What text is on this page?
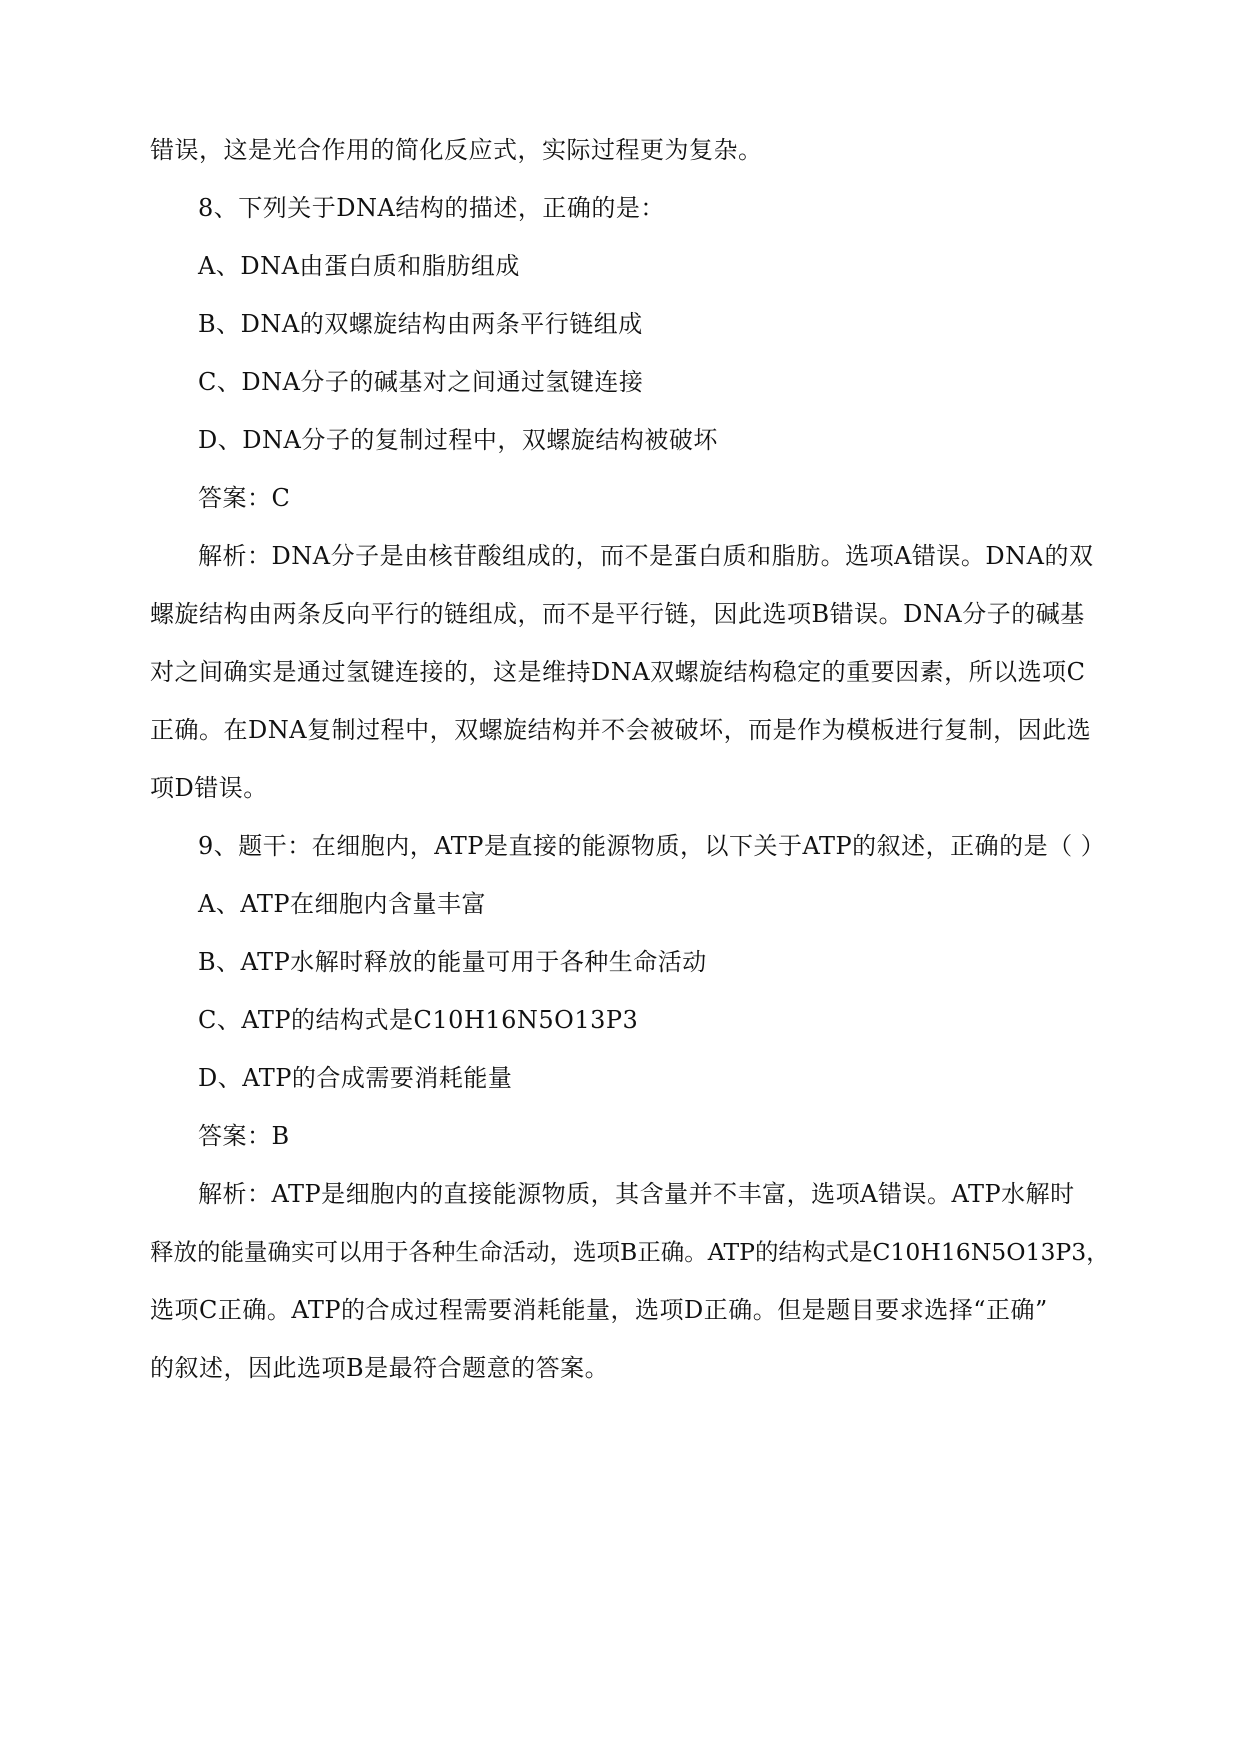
错误，这是光合作用的简化反应式，实际过程更为复杂。
8、下列关于DNA结构的描述，正确的是：
A、DNA由蛋白质和脂肪组成
B、DNA的双螺旋结构由两条平行链组成
C、DNA分子的碱基对之间通过氢键连接
D、DNA分子的复制过程中，双螺旋结构被破坏
答案：C
解析：DNA分子是由核苷酸组成的，而不是蛋白质和脂肪。选项A错误。DNA的双
螺旋结构由两条反向平行的链组成，而不是平行链，因此选项B错误。DNA分子的碱基
对之间确实是通过氢键连接的，这是维持DNA双螺旋结构稳定的重要因素，所以选项C
正确。在DNA复制过程中，双螺旋结构并不会被破坏，而是作为模板进行复制，因此选
项D错误。
9、题干：在细胞内，ATP是直接的能源物质，以下关于ATP的叙述，正确的是（ ）
A、ATP在细胞内含量丰富
B、ATP水解时释放的能量可用于各种生命活动
C、ATP的结构式是C10H16N5O13P3
D、ATP的合成需要消耗能量
答案：B
解析：ATP是细胞内的直接能源物质，其含量并不丰富，选项A错误。ATP水解时
释放的能量确实可以用于各种生命活动，选项B正确。ATP的结构式是C10H16N5O13P3，
选项C正确。ATP的合成过程需要消耗能量，选项D正确。但是题目要求选择“正确”
的叙述，因此选项B是最符合题意的答案。
